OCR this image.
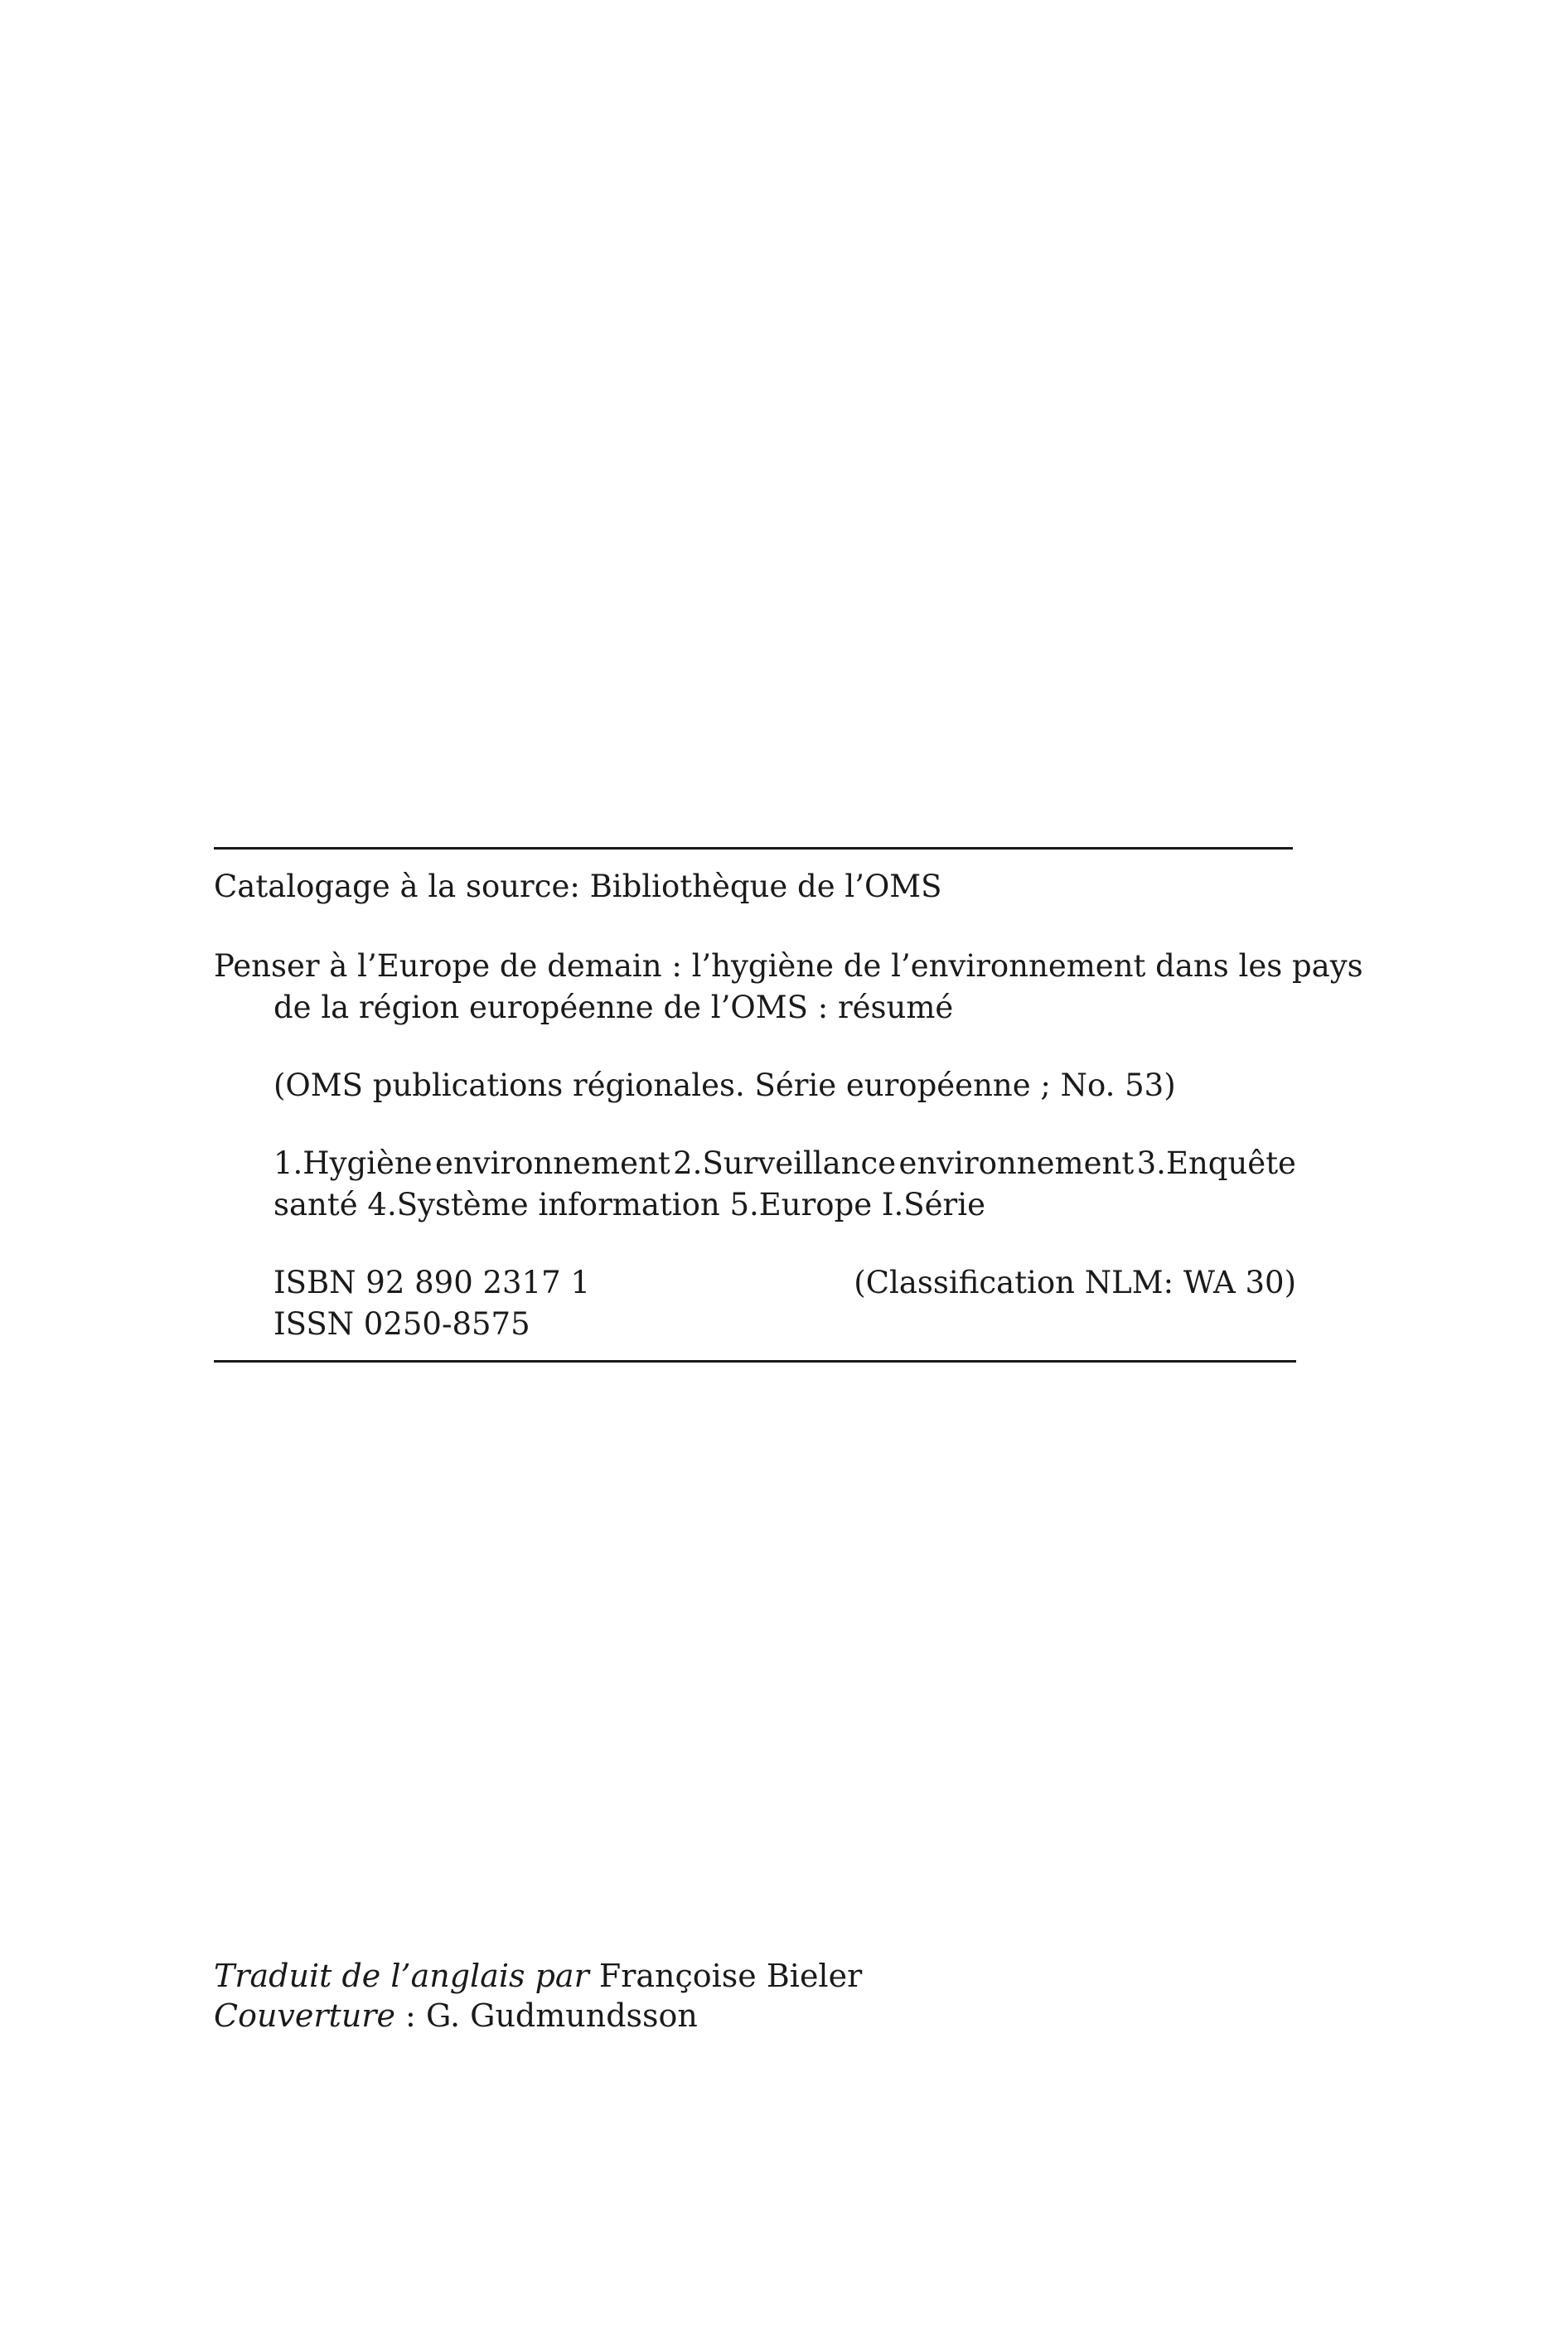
Catalogage à la source: Bibliothèque de l’OMS
Penser à l’Europe de demain : l’hygiène de l’environnement dans les pays
de la région européenne de l’OMS : résumé
(OMS publications régionales. Série européenne ; No. 53)
1.Hygiène environnement 2.Surveillance environnement 3.Enquête
santé 4.Système information 5.Europe I.Série
ISBN 92 890 2317 1	(Classification NLM: WA 30)
ISSN 0250-8575
Traduit de l’anglais par Françoise Bieler
Couverture : G. Gudmundsson
